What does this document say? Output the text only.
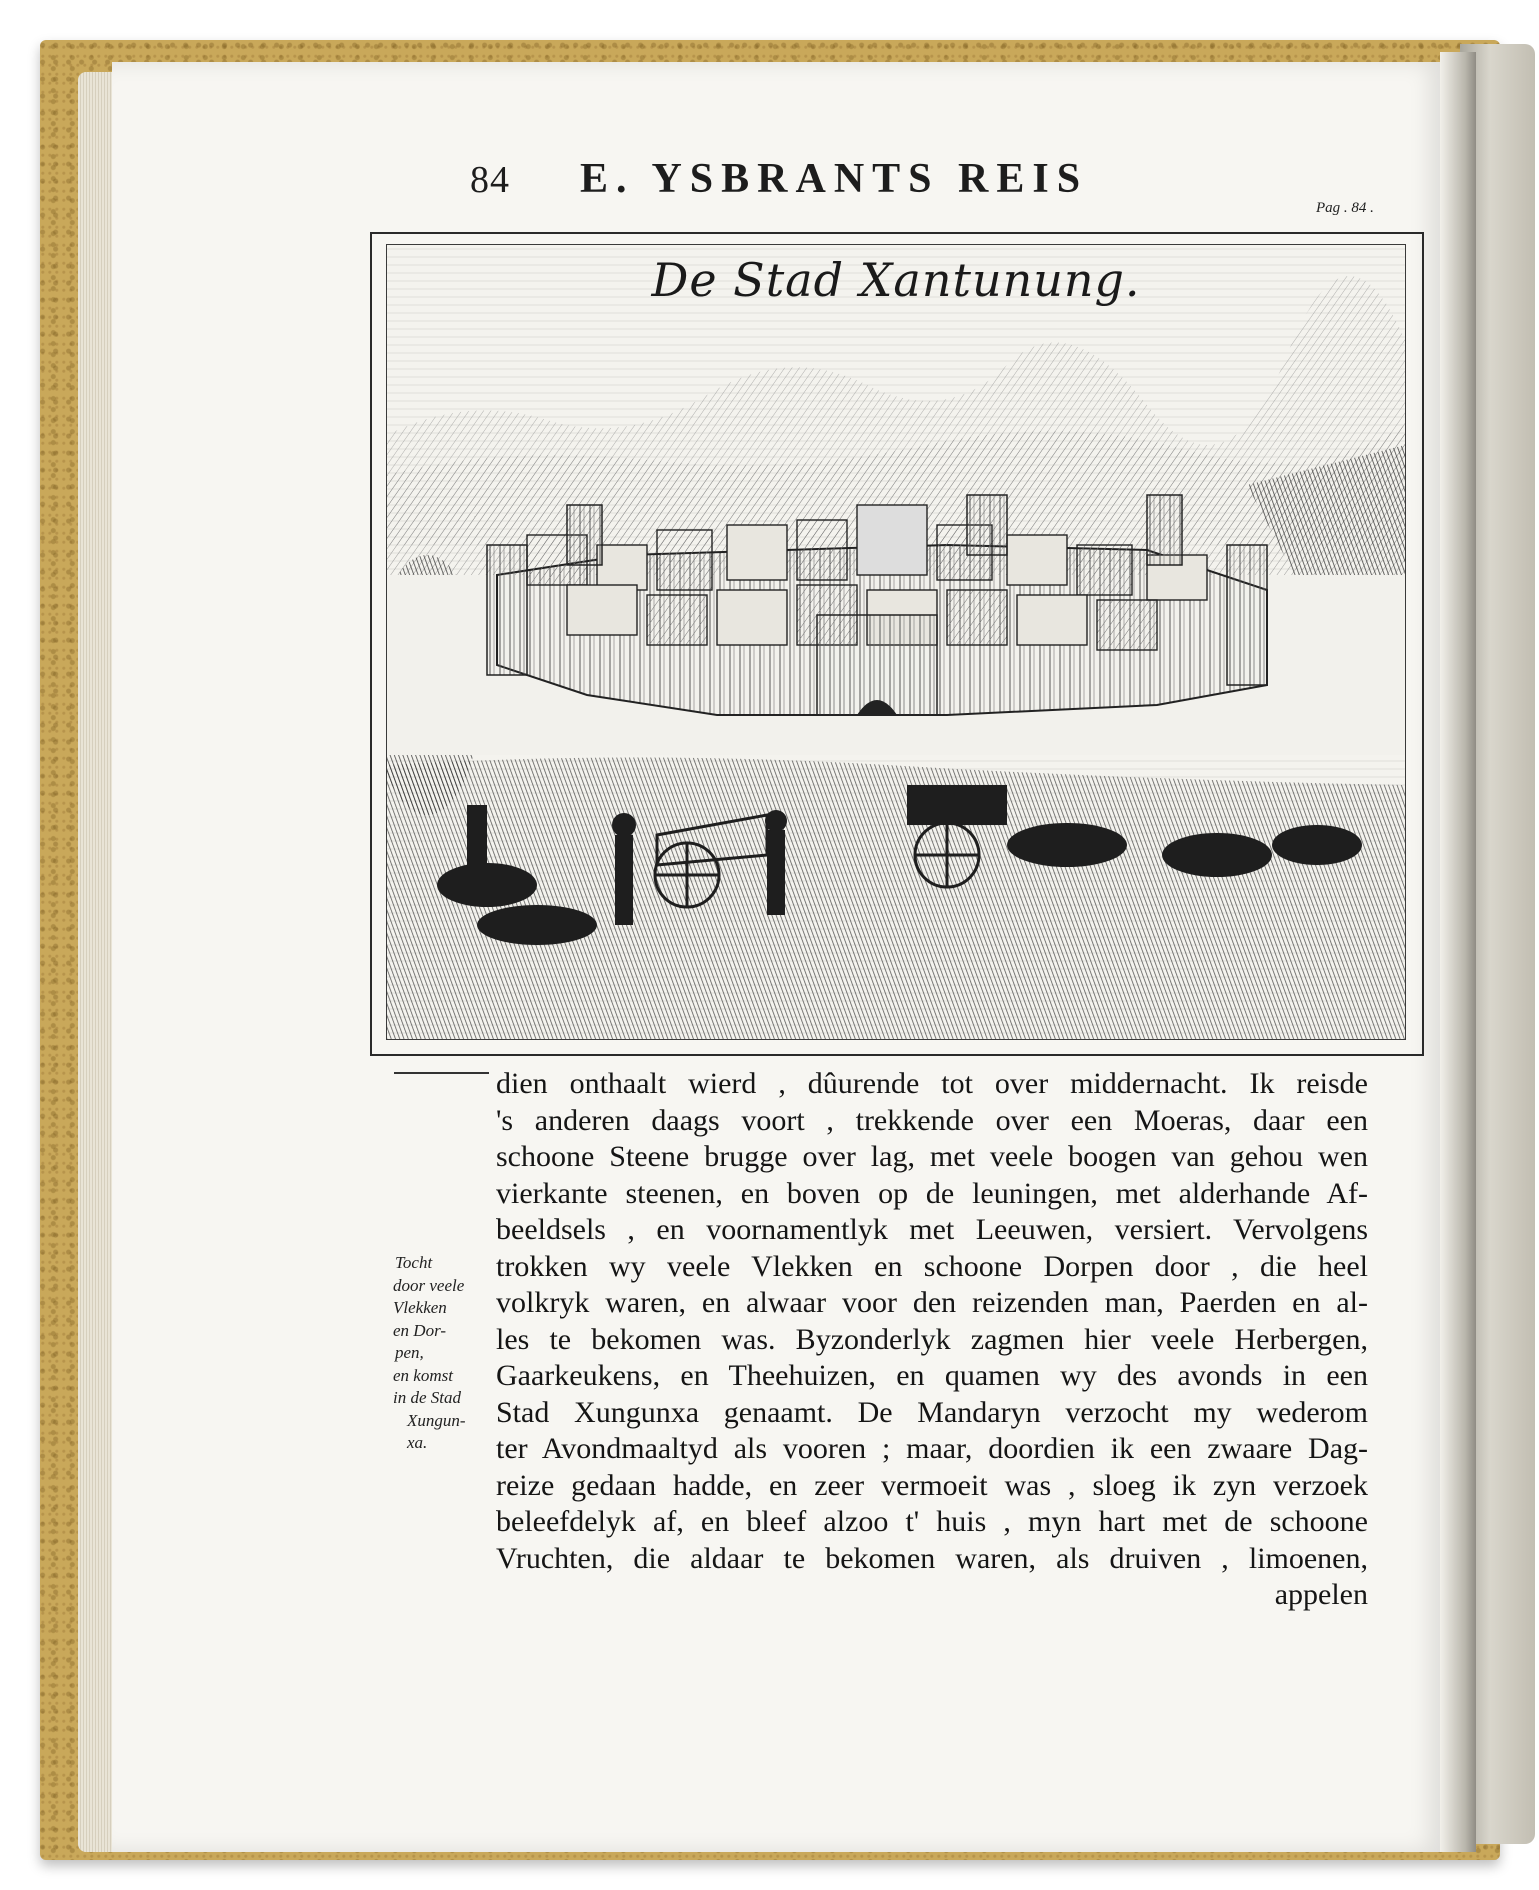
84 E. YSBRANTS REIS
Pag . 84 .
De Stad Xantunung.
Tocht
door veele
Vlekken
en Dor-
pen,
en komst
in de Stad
Xungun-
xa.
dien onthaalt wierd , dûurende tot over middernacht. Ik reisde
's anderen daags voort , trekkende over een Moeras, daar een
schoone Steene brugge over lag, met veele boogen van gehou wen
vierkante steenen, en boven op de leuningen, met alderhande Af-
beeldsels , en voornamentlyk met Leeuwen, versiert. Vervolgens
trokken wy veele Vlekken en schoone Dorpen door , die heel
volkryk waren, en alwaar voor den reizenden man, Paerden en al-
les te bekomen was. Byzonderlyk zagmen hier veele Herbergen,
Gaarkeukens, en Theehuizen, en quamen wy des avonds in een
Stad Xungunxa genaamt. De Mandaryn verzocht my wederom
ter Avondmaaltyd als vooren ; maar, doordien ik een zwaare Dag-
reize gedaan hadde, en zeer vermoeit was , sloeg ik zyn verzoek
beleefdelyk af, en bleef alzoo t' huis , myn hart met de schoone
Vruchten, die aldaar te bekomen waren, als druiven , limoenen,
appelen
